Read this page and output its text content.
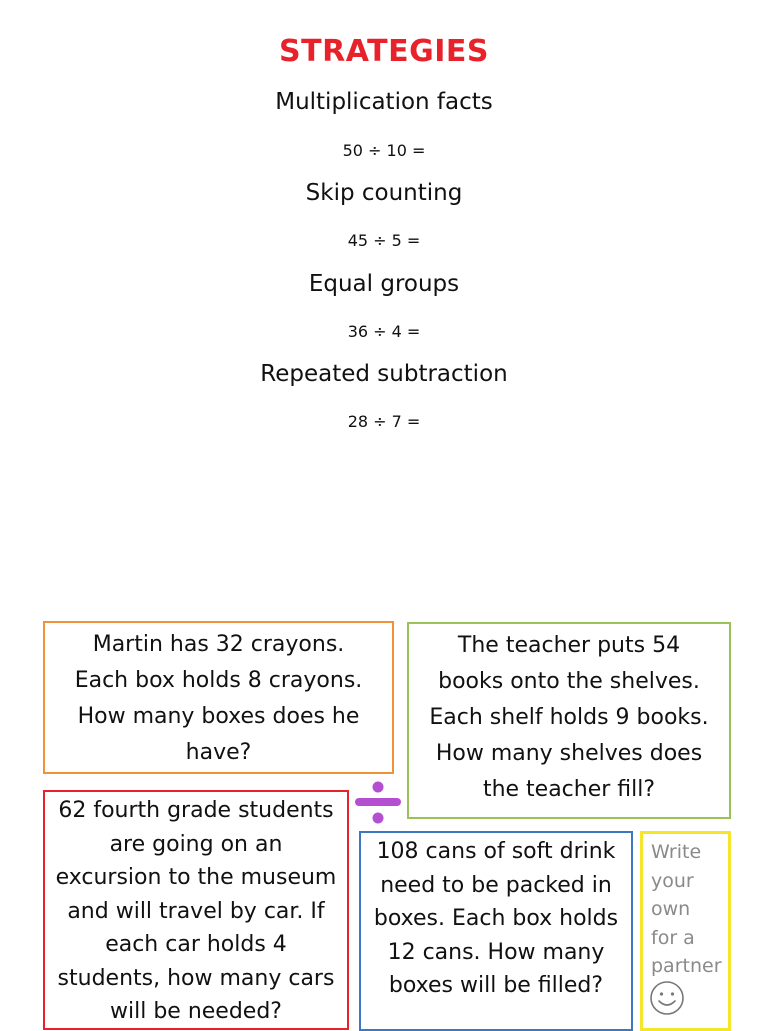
STRATEGIES
Multiplication facts
50 ÷ 10 =
Skip counting
45 ÷ 5 =
Equal groups
36 ÷ 4 =
Repeated subtraction
28 ÷ 7 =
Martin has 32 crayons.
Each box holds 8 crayons.
How many boxes does he
have?
The teacher puts 54
books onto the shelves.
Each shelf holds 9 books.
How many shelves does
the teacher fill?
62 fourth grade students
are going on an
excursion to the museum
and will travel by car. If
each car holds 4
students, how many cars
will be needed?
108 cans of soft drink
need to be packed in
boxes. Each box holds
12 cans. How many
boxes will be filled?
Write
your
own
for a
partner
